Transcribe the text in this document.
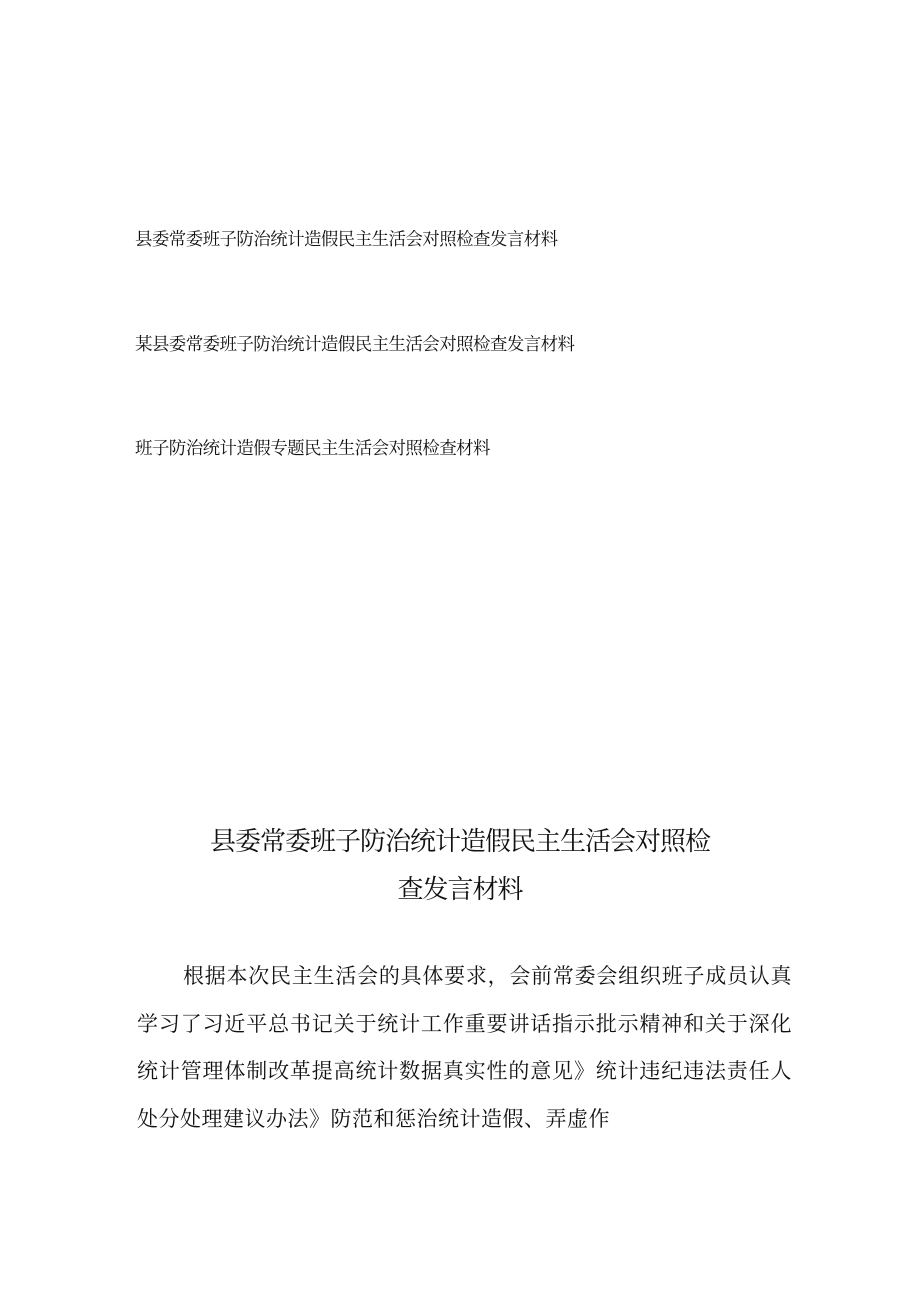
县委常委班子防治统计造假民主生活会对照检查发言材料

某县委常委班子防治统计造假民主生活会对照检查发言材料

班子防治统计造假专题民主生活会对照检查材料

县委常委班子防治统计造假民主生活会对照检
查发言材料

根据本次民主生活会的具体要求，会前常委会组织班子成员认真学习了习近平总书记关于统计工作重要讲话指示批示精神和关于深化统计管理体制改革提高统计数据真实性的意见》统计违纪违法责任人处分处理建议办法》防范和惩治统计造假、弄虚作
